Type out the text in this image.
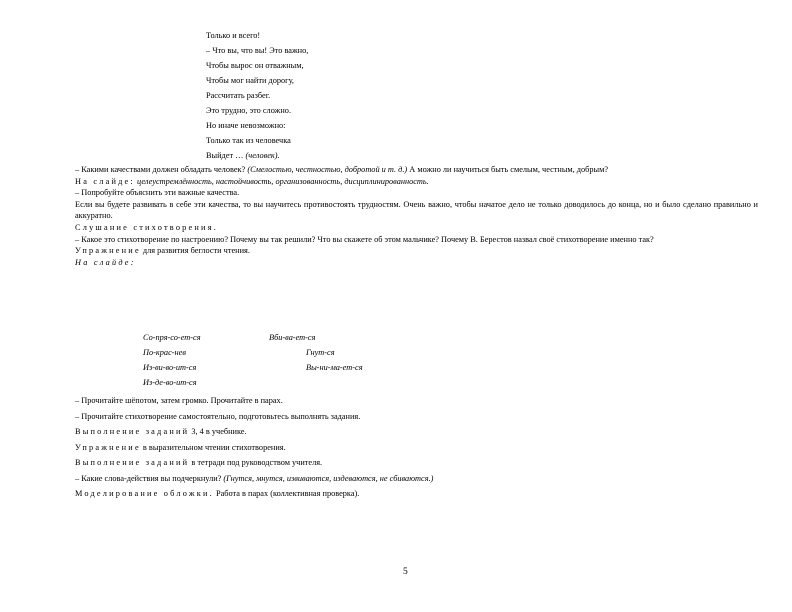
Только и всего!
– Что вы, что вы! Это важно,
Чтобы вырос он отважным,
Чтобы мог найти дорогу,
Рассчитать разбег.
Это трудно, это сложно.
Но иначе невозможно:
Только так из человечка
Выйдет … (человек).

– Какими качествами должен обладать человек? (Смелостью, честностью, добротой и т. д.) А можно ли научиться быть смелым, честным, добрым?

На слайде: целеустремлённость, настойчивость, организованность, дисциплинированность.

– Попробуйте объяснить эти важные качества.

Если вы будете развивать в себе эти качества, то вы научитесь противостоять трудностям. Очень важно, чтобы начатое дело не только доводилось до конца, но и было сделано правильно и аккуратно.

Слушание стихотворения.

– Какое это стихотворение по настроению? Почему вы так решили? Что вы скажете об этом мальчике? Почему В. Берестов назвал своё стихотворение именно так?

Упражнение для развития беглости чтения.

На слайде:

Со-пря-со-ет-ся
По-крас-нев
Из-ви-во-ит-ся
Из-де-во-ит-ся
Вби-ва-ет-ся
Гнут-ся
Вы-ни-ма-ет-ся
– Прочитайте шёпотом, затем громко. Прочитайте в парах.
– Прочитайте стихотворение самостоятельно, подготовьтесь выполнять задания.
Выполнение заданий 3, 4 в учебнике.
Упражнение в выразительном чтении стихотворения.
Выполнение заданий в тетради под руководством учителя.
– Какие слова-действия вы подчеркнули? (Гнутся, мнутся, извиваются, издеваются, не сбиваются.)
Моделирование обложки. Работа в парах (коллективная проверка).
5
